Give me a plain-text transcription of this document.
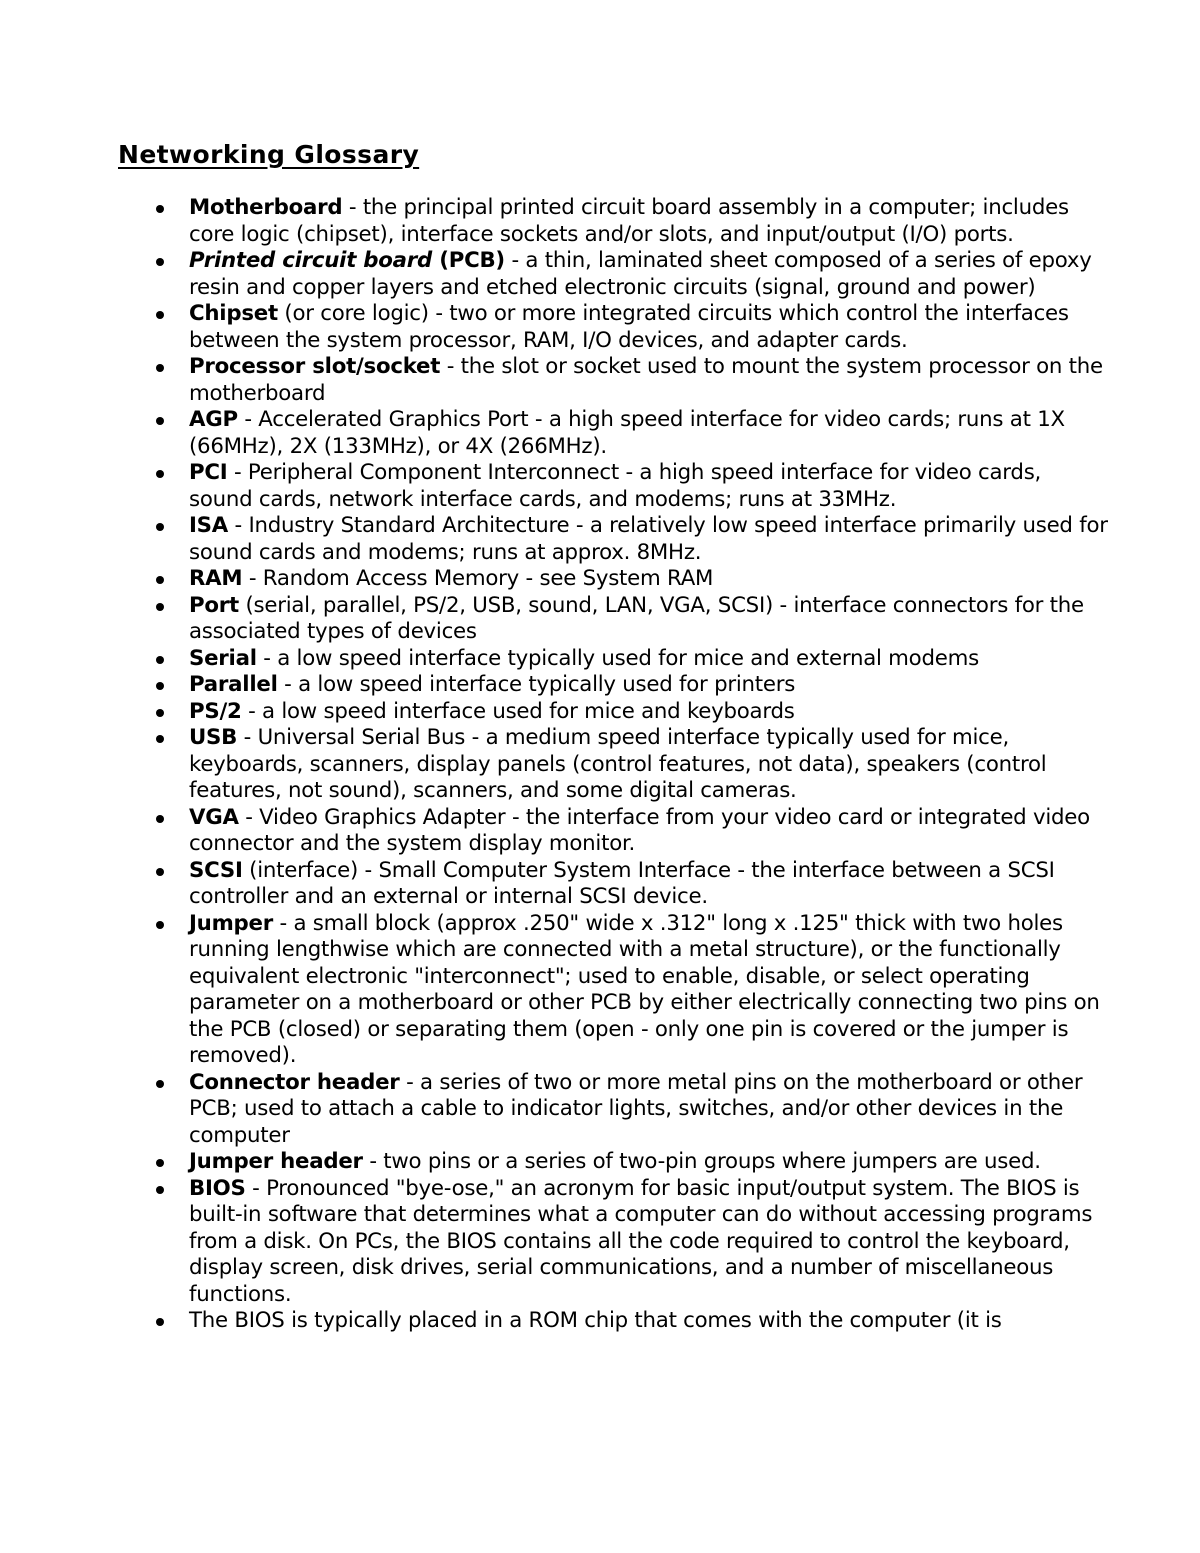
Networking Glossary
Motherboard - the principal printed circuit board assembly in a computer; includes core logic (chipset), interface sockets and/or slots, and input/output (I/O) ports.
Printed circuit board (PCB) - a thin, laminated sheet composed of a series of epoxy resin and copper layers and etched electronic circuits (signal, ground and power)
Chipset (or core logic) - two or more integrated circuits which control the interfaces between the system processor, RAM, I/O devices, and adapter cards.
Processor slot/socket - the slot or socket used to mount the system processor on the motherboard
AGP - Accelerated Graphics Port - a high speed interface for video cards; runs at 1X (66MHz), 2X (133MHz), or 4X (266MHz).
PCI - Peripheral Component Interconnect - a high speed interface for video cards, sound cards, network interface cards, and modems; runs at 33MHz.
ISA - Industry Standard Architecture - a relatively low speed interface primarily used for sound cards and modems; runs at approx. 8MHz.
RAM - Random Access Memory - see System RAM
Port (serial, parallel, PS/2, USB, sound, LAN, VGA, SCSI) - interface connectors for the associated types of devices
Serial - a low speed interface typically used for mice and external modems
Parallel - a low speed interface typically used for printers
PS/2 - a low speed interface used for mice and keyboards
USB - Universal Serial Bus - a medium speed interface typically used for mice, keyboards, scanners, display panels (control features, not data), speakers (control features, not sound), scanners, and some digital cameras.
VGA - Video Graphics Adapter - the interface from your video card or integrated video connector and the system display monitor.
SCSI (interface) - Small Computer System Interface - the interface between a SCSI controller and an external or internal SCSI device.
Jumper - a small block (approx .250" wide x .312" long x .125" thick with two holes running lengthwise which are connected with a metal structure), or the functionally equivalent electronic "interconnect"; used to enable, disable, or select operating parameter on a motherboard or other PCB by either electrically connecting two pins on the PCB (closed) or separating them (open - only one pin is covered or the jumper is removed).
Connector header - a series of two or more metal pins on the motherboard or other PCB; used to attach a cable to indicator lights, switches, and/or other devices in the computer
Jumper header - two pins or a series of two-pin groups where jumpers are used.
BIOS - Pronounced "bye-ose," an acronym for basic input/output system. The BIOS is built-in software that determines what a computer can do without accessing programs from a disk. On PCs, the BIOS contains all the code required to control the keyboard, display screen, disk drives, serial communications, and a number of miscellaneous functions.
The BIOS is typically placed in a ROM chip that comes with the computer (it is
